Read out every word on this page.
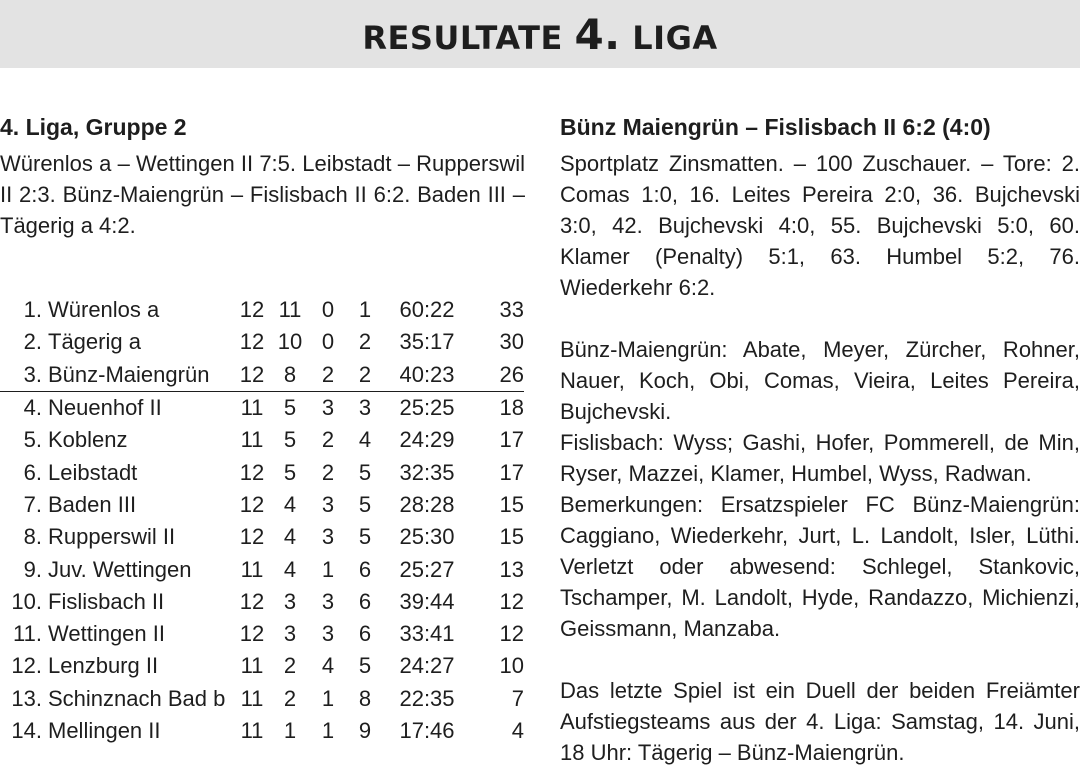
RESULTATE 4. LIGA
4. Liga, Gruppe 2

Würenlos a – Wettingen II 7:5. Leibstadt – Rupperswil II 2:3. Bünz-Maiengrün – Fislisbach II 6:2. Baden III – Tägerig a 4:2.

1.	Würenlos a	12	11	0	1	60:22	33
2.	Tägerig a	12	10	0	2	35:17	30
3.	Bünz-Maiengrün	12	8	2	2	40:23	26
4.	Neuenhof II	11	5	3	3	25:25	18
5.	Koblenz	11	5	2	4	24:29	17
6.	Leibstadt	12	5	2	5	32:35	17
7.	Baden III	12	4	3	5	28:28	15
8.	Rupperswil II	12	4	3	5	25:30	15
9.	Juv. Wettingen	11	4	1	6	25:27	13
10.	Fislisbach II	12	3	3	6	39:44	12
11.	Wettingen II	12	3	3	6	33:41	12
12.	Lenzburg II	11	2	4	5	24:27	10
13.	Schinznach Bad b	11	2	1	8	22:35	7
14.	Mellingen II	11	1	1	9	17:46	4
Bünz Maiengrün – Fislisbach II 6:2 (4:0)

Sportplatz Zinsmatten. – 100 Zuschauer. – Tore: 2. Comas 1:0, 16. Leites Pereira 2:0, 36. Bujchevski 3:0, 42. Bujchevski 4:0, 55. Bujchevski 5:0, 60. Klamer (Penalty) 5:1, 63. Humbel 5:2, 76. Wiederkehr 6:2.

Bünz-Maiengrün: Abate, Meyer, Zürcher, Rohner, Nauer, Koch, Obi, Comas, Vieira, Leites Pereira, Bujchevski.

Fislisbach: Wyss; Gashi, Hofer, Pommerell, de Min, Ryser, Mazzei, Klamer, Humbel, Wyss, Radwan.

Bemerkungen: Ersatzspieler FC Bünz-Maiengrün: Caggiano, Wiederkehr, Jurt, L. Landolt, Isler, Lüthi. Verletzt oder abwesend: Schlegel, Stankovic, Tschamper, M. Landolt, Hyde, Randazzo, Michienzi, Geissmann, Manzaba.

Das letzte Spiel ist ein Duell der beiden Freiämter Aufstiegsteams aus der 4. Liga: Samstag, 14. Juni, 18 Uhr: Tägerig – Bünz-Maiengrün.
